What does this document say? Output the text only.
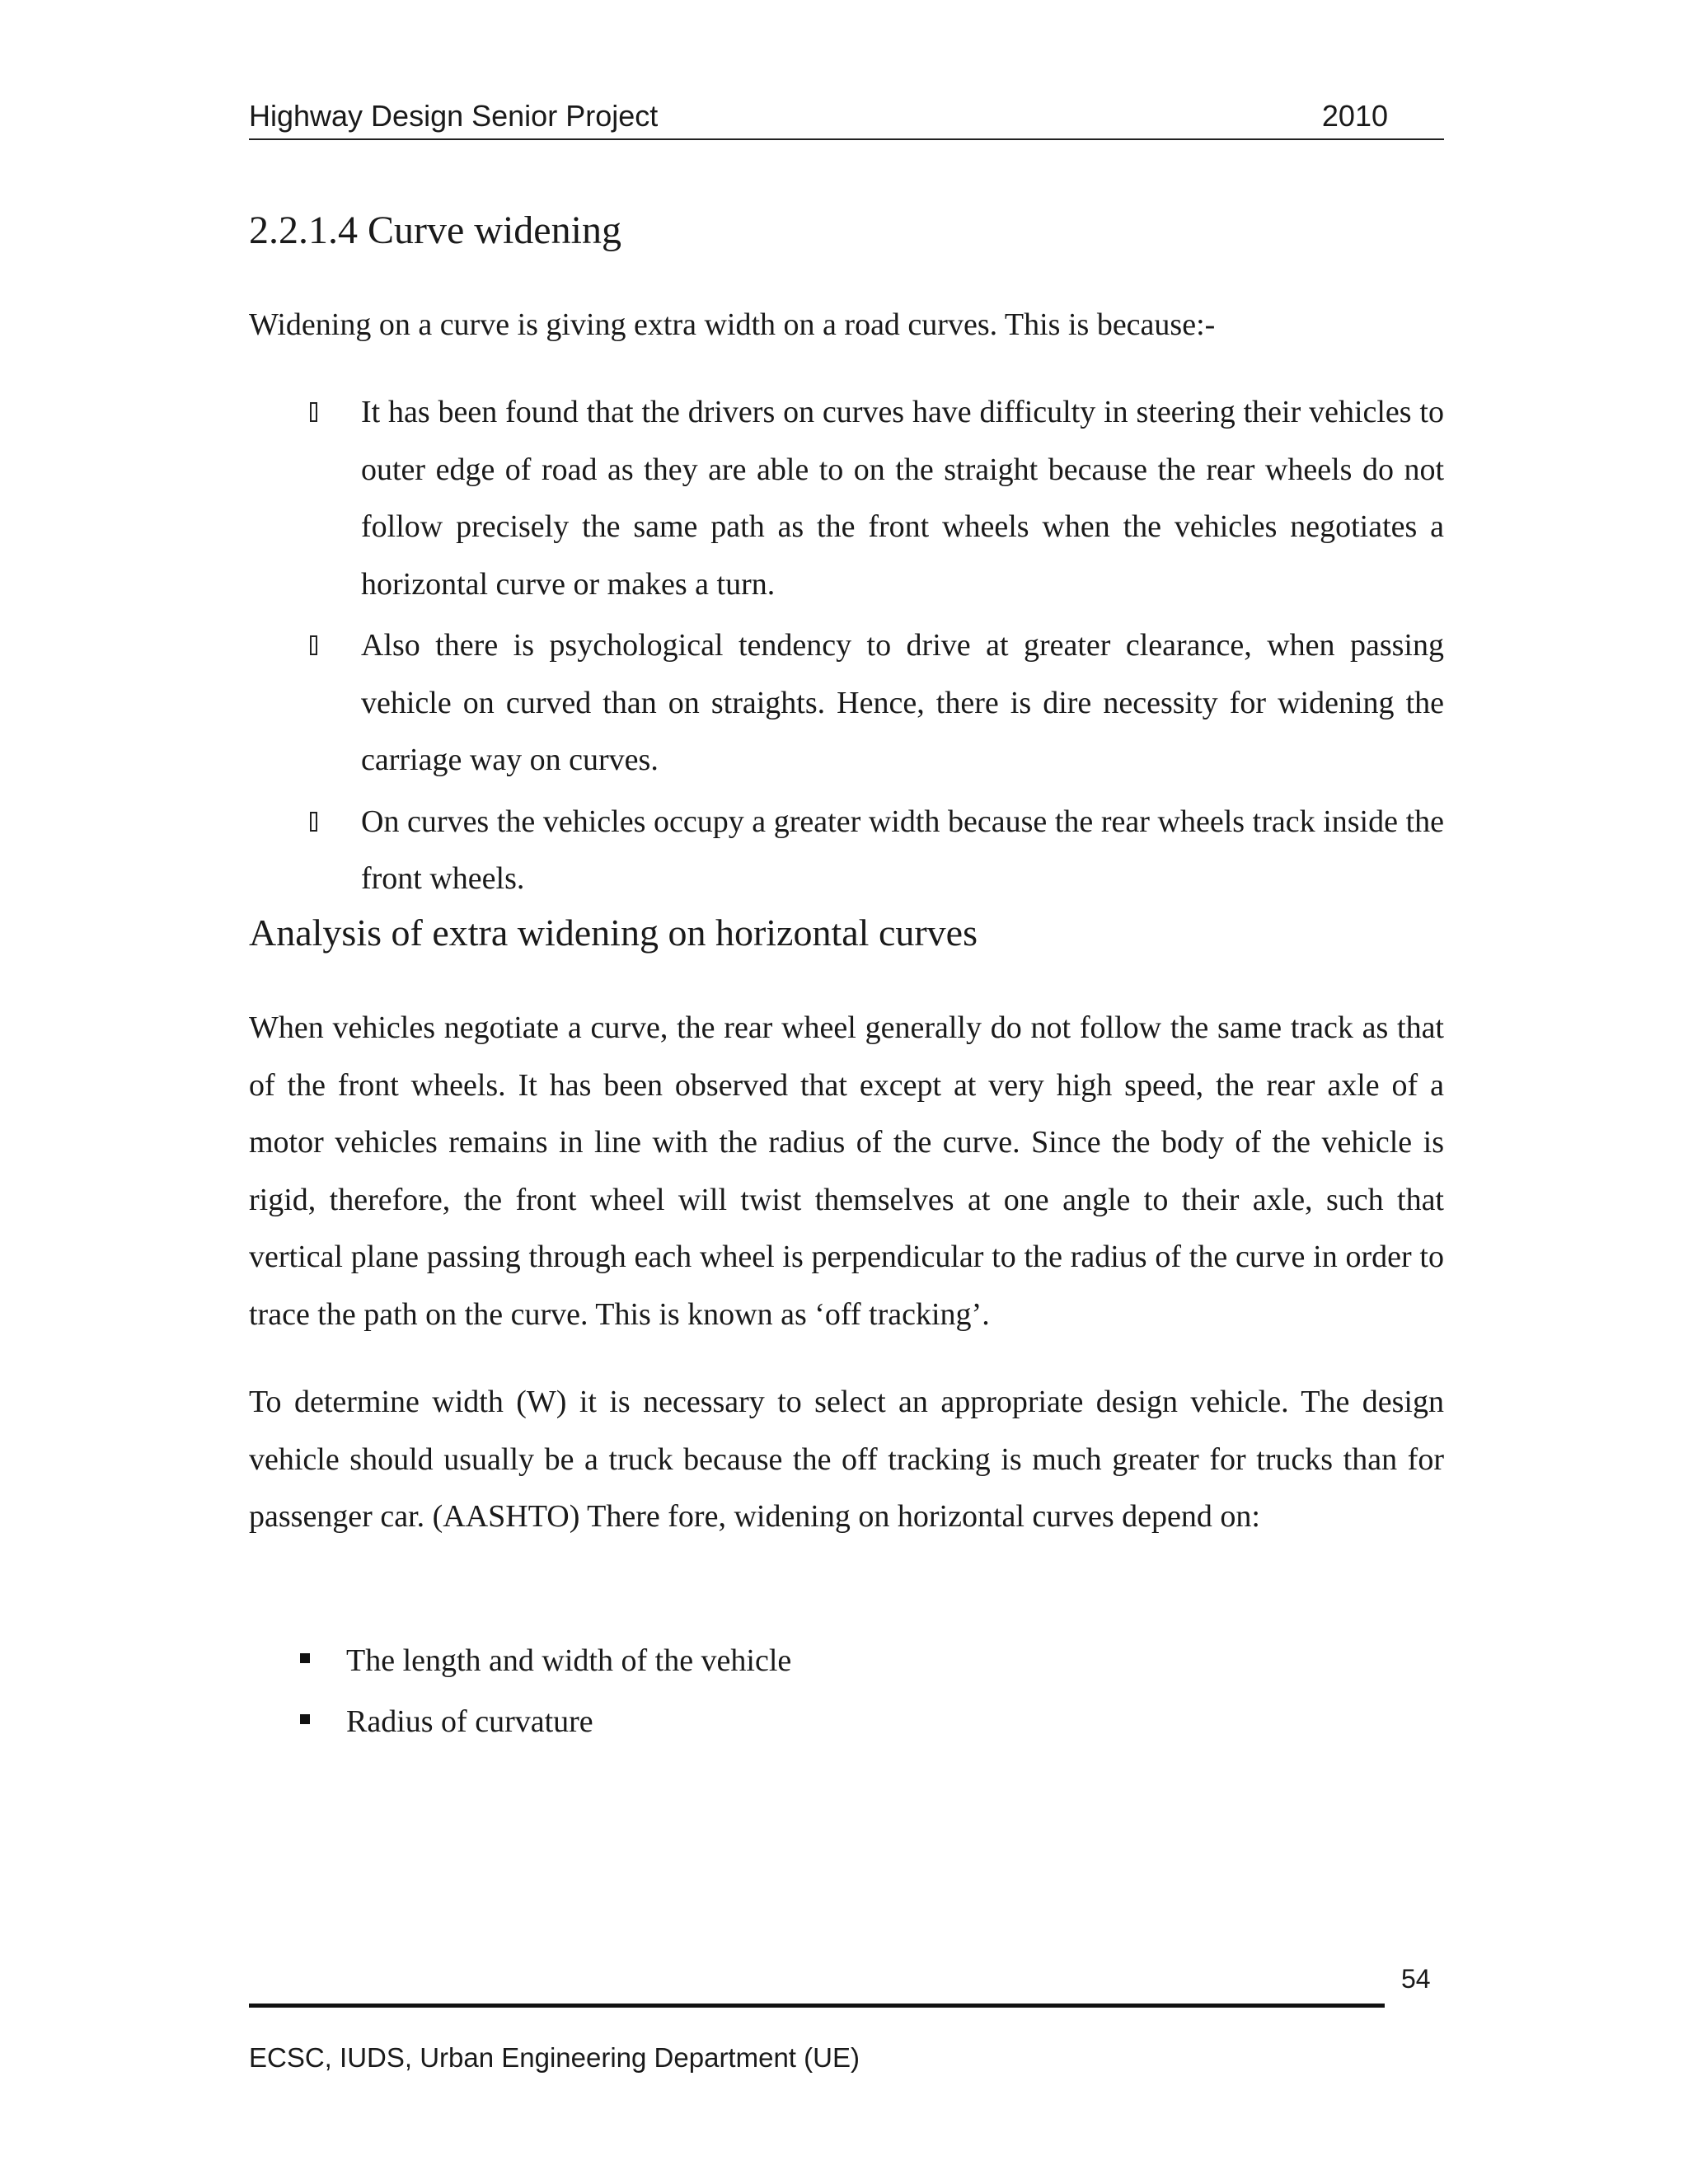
Highway Design Senior Project	2010
2.2.1.4 Curve widening

Widening on a curve is giving extra width on a road curves. This is because:-

It has been found that the drivers on curves have difficulty in steering their vehicles to outer edge of road as they are able to on the straight because the rear wheels do not follow precisely the same path as the front wheels when the vehicles negotiates a horizontal curve or makes a turn.
Also there is psychological tendency to drive at greater clearance, when passing vehicle on curved than on straights. Hence, there is dire necessity for widening the carriage way on curves.
On curves the vehicles occupy a greater width because the rear wheels track inside the front wheels.
Analysis of extra widening on horizontal curves

When vehicles negotiate a curve, the rear wheel generally do not follow the same track as that of the front wheels. It has been observed that except at very high speed, the rear axle of a motor vehicles remains in line with the radius of the curve. Since the body of the vehicle is rigid, therefore, the front wheel will twist themselves at one angle to their axle, such that vertical plane passing through each wheel is perpendicular to the radius of the curve in order to trace the path on the curve. This is known as ‘off tracking’.

To determine width (W) it is necessary to select an appropriate design vehicle. The design vehicle should usually be a truck because the off tracking is much greater for trucks than for passenger car. (AASHTO) There fore, widening on horizontal curves depend on:

The length and width of the vehicle
Radius of curvature
54
ECSC, IUDS, Urban Engineering Department (UE)
